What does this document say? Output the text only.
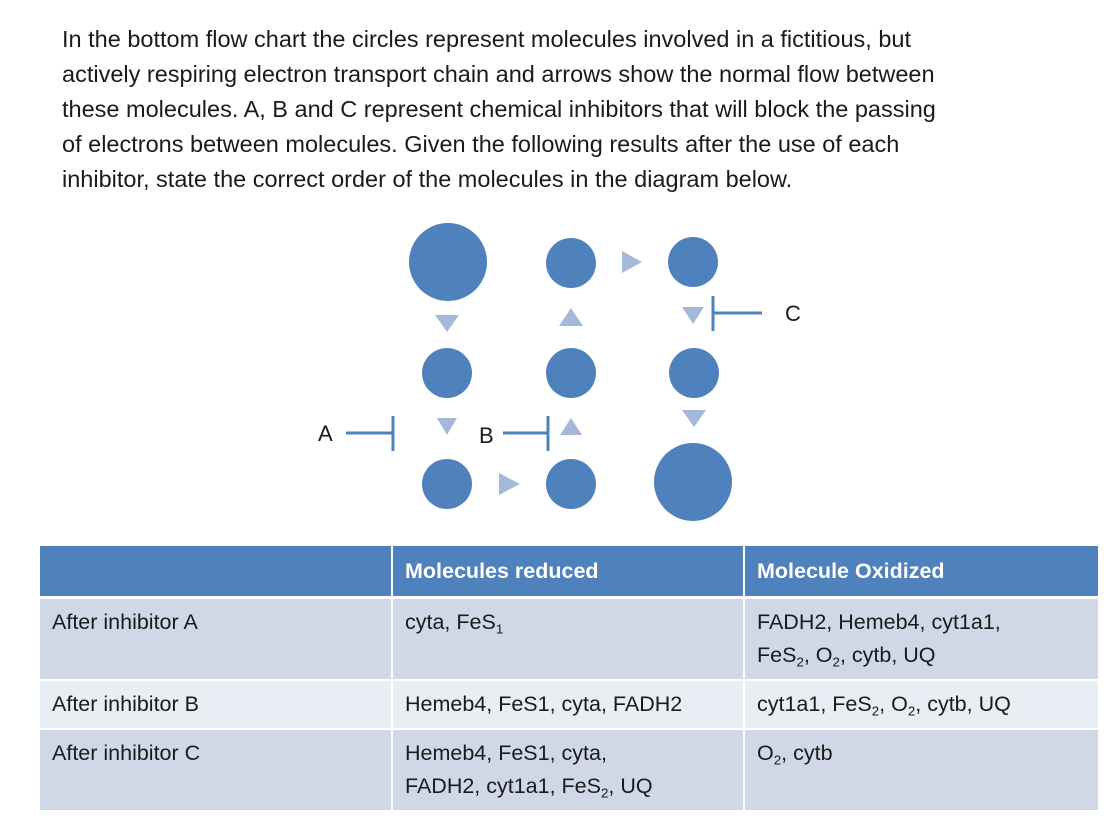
In the bottom flow chart the circles represent molecules involved in a fictitious, but
actively respiring electron transport chain and arrows show the normal flow between
these molecules. A, B and C represent chemical inhibitors that will block the passing
of electrons between molecules. Given the following results after the use of each
inhibitor, state the correct order of the molecules in the diagram below.

A	B
C
	Molecules reduced	Molecule Oxidized
After inhibitor A	cyta, FeS$_1$	FADH2, Hemeb4, cyt1a1,
FeS$_2$, $O_2$, cytb, UQ
After inhibitor B	Hemeb4, FeS1, cyta, FADH2	cyt1a1, FeS$_2$, $O_2$, cytb, UQ
After inhibitor C	Hemeb4, FeS1, cyta,
FADH2, cyt1a1, FeS$_2$, UQ	$O_2$, cytb
